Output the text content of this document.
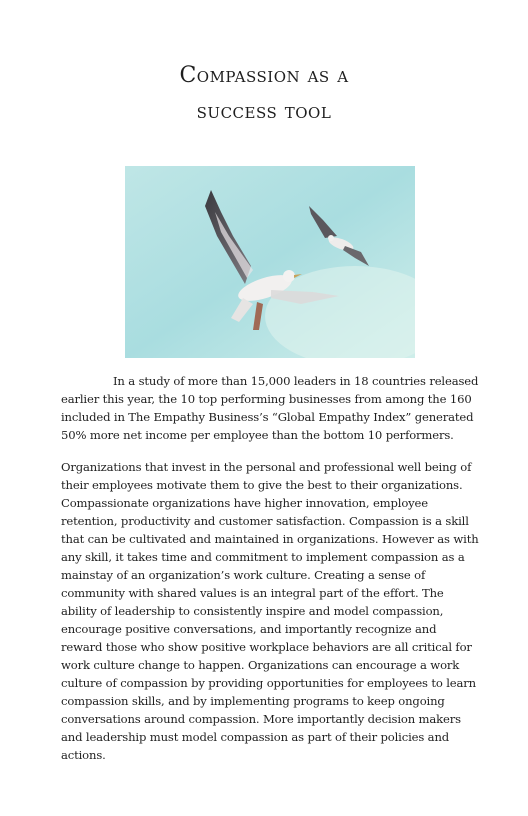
Compassion as a
success tool

In a study of more than 15,000 leaders in 18 countries released earlier this year, the 10 top performing businesses from among the 160 included in The Empathy Business’s “Global Empathy Index” generated 50% more net income per employee than the bottom 10 performers.

Organizations that invest in the personal and professional well being of their employees motivate them to give the best to their organizations. Compassionate organizations have higher innovation, employee retention, productivity and customer satisfaction. Compassion is a skill that can be cultivated and maintained in organizations. However as with any skill, it takes time and commitment to implement compassion as a mainstay of an organization’s work culture. Creating a sense of community with shared values is an integral part of the effort. The ability of leadership to consistently inspire and model compassion, encourage positive conversations, and importantly recognize and reward those who show positive workplace behaviors are all critical for work culture change to happen. Organizations can encourage a work culture of compassion by providing opportunities for employees to learn compassion skills, and by implementing programs to keep ongoing conversations around compassion. More importantly decision makers and leadership must model compassion as part of their policies and actions.
